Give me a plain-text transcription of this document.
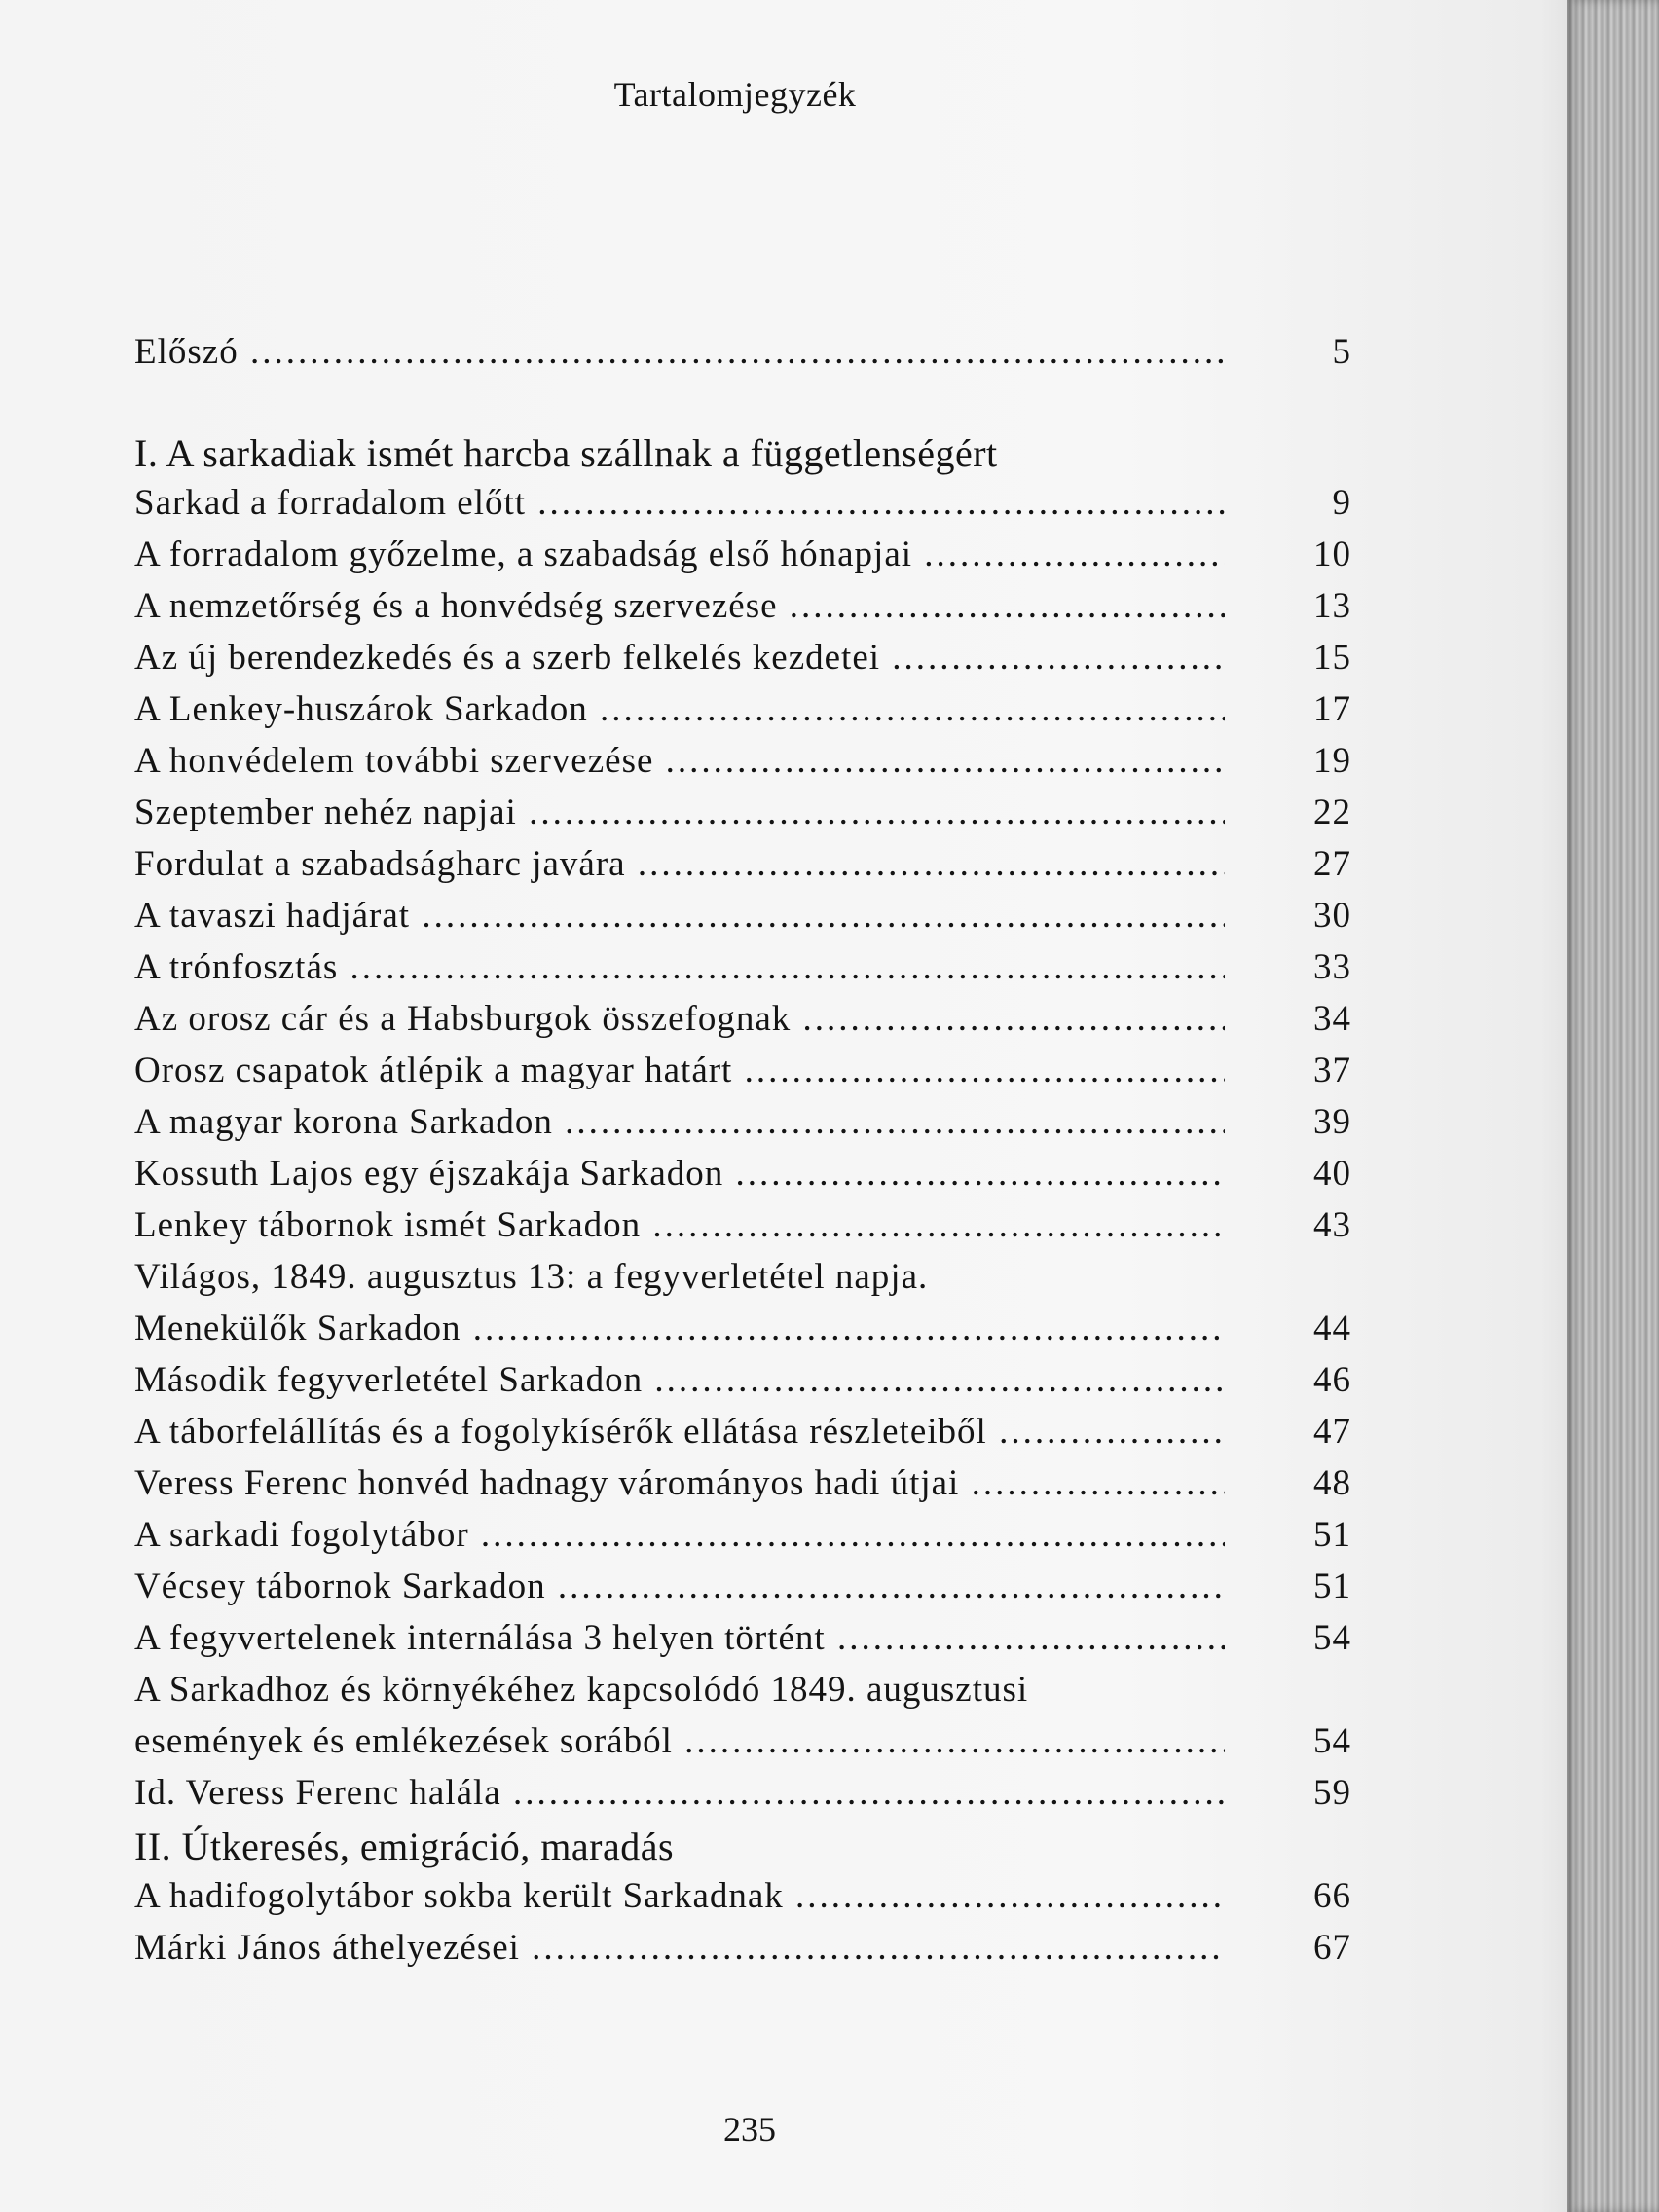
Tartalomjegyzék
Előszó .....	5
I. A sarkadiak ismét harcba szállnak a függetlenségért
Sarkad a forradalom előtt .....	9
A forradalom győzelme, a szabadság első hónapjai .....	10
A nemzetőrség és a honvédség szervezése .....	13
Az új berendezkedés és a szerb felkelés kezdetei .....	15
A Lenkey-huszárok Sarkadon .....	17
A honvédelem további szervezése .....	19
Szeptember nehéz napjai .....	22
Fordulat a szabadságharc javára .....	27
A tavaszi hadjárat .....	30
A trónfosztás .....	33
Az orosz cár és a Habsburgok összefognak .....	34
Orosz csapatok átlépik a magyar határt .....	37
A magyar korona Sarkadon .....	39
Kossuth Lajos egy éjszakája Sarkadon .....	40
Lenkey tábornok ismét Sarkadon .....	43
Világos, 1849. augusztus 13: a fegyverletétel napja.
Menekülők Sarkadon .....	44
Második fegyverletétel Sarkadon .....	46
A táborfelállítás és a fogolykísérők ellátása részleteiből .....	47
Veress Ferenc honvéd hadnagy várományos hadi útjai .....	48
A sarkadi fogolytábor .....	51
Vécsey tábornok Sarkadon .....	51
A fegyvertelenek internálása 3 helyen történt .....	54
A Sarkadhoz és környékéhez kapcsolódó 1849. augusztusi
események és emlékezések sorából .....	54
Id. Veress Ferenc halála .....	59
II. Útkeresés, emigráció, maradás
A hadifogolytábor sokba került Sarkadnak .....	66
Márki János áthelyezései .....	67
235
